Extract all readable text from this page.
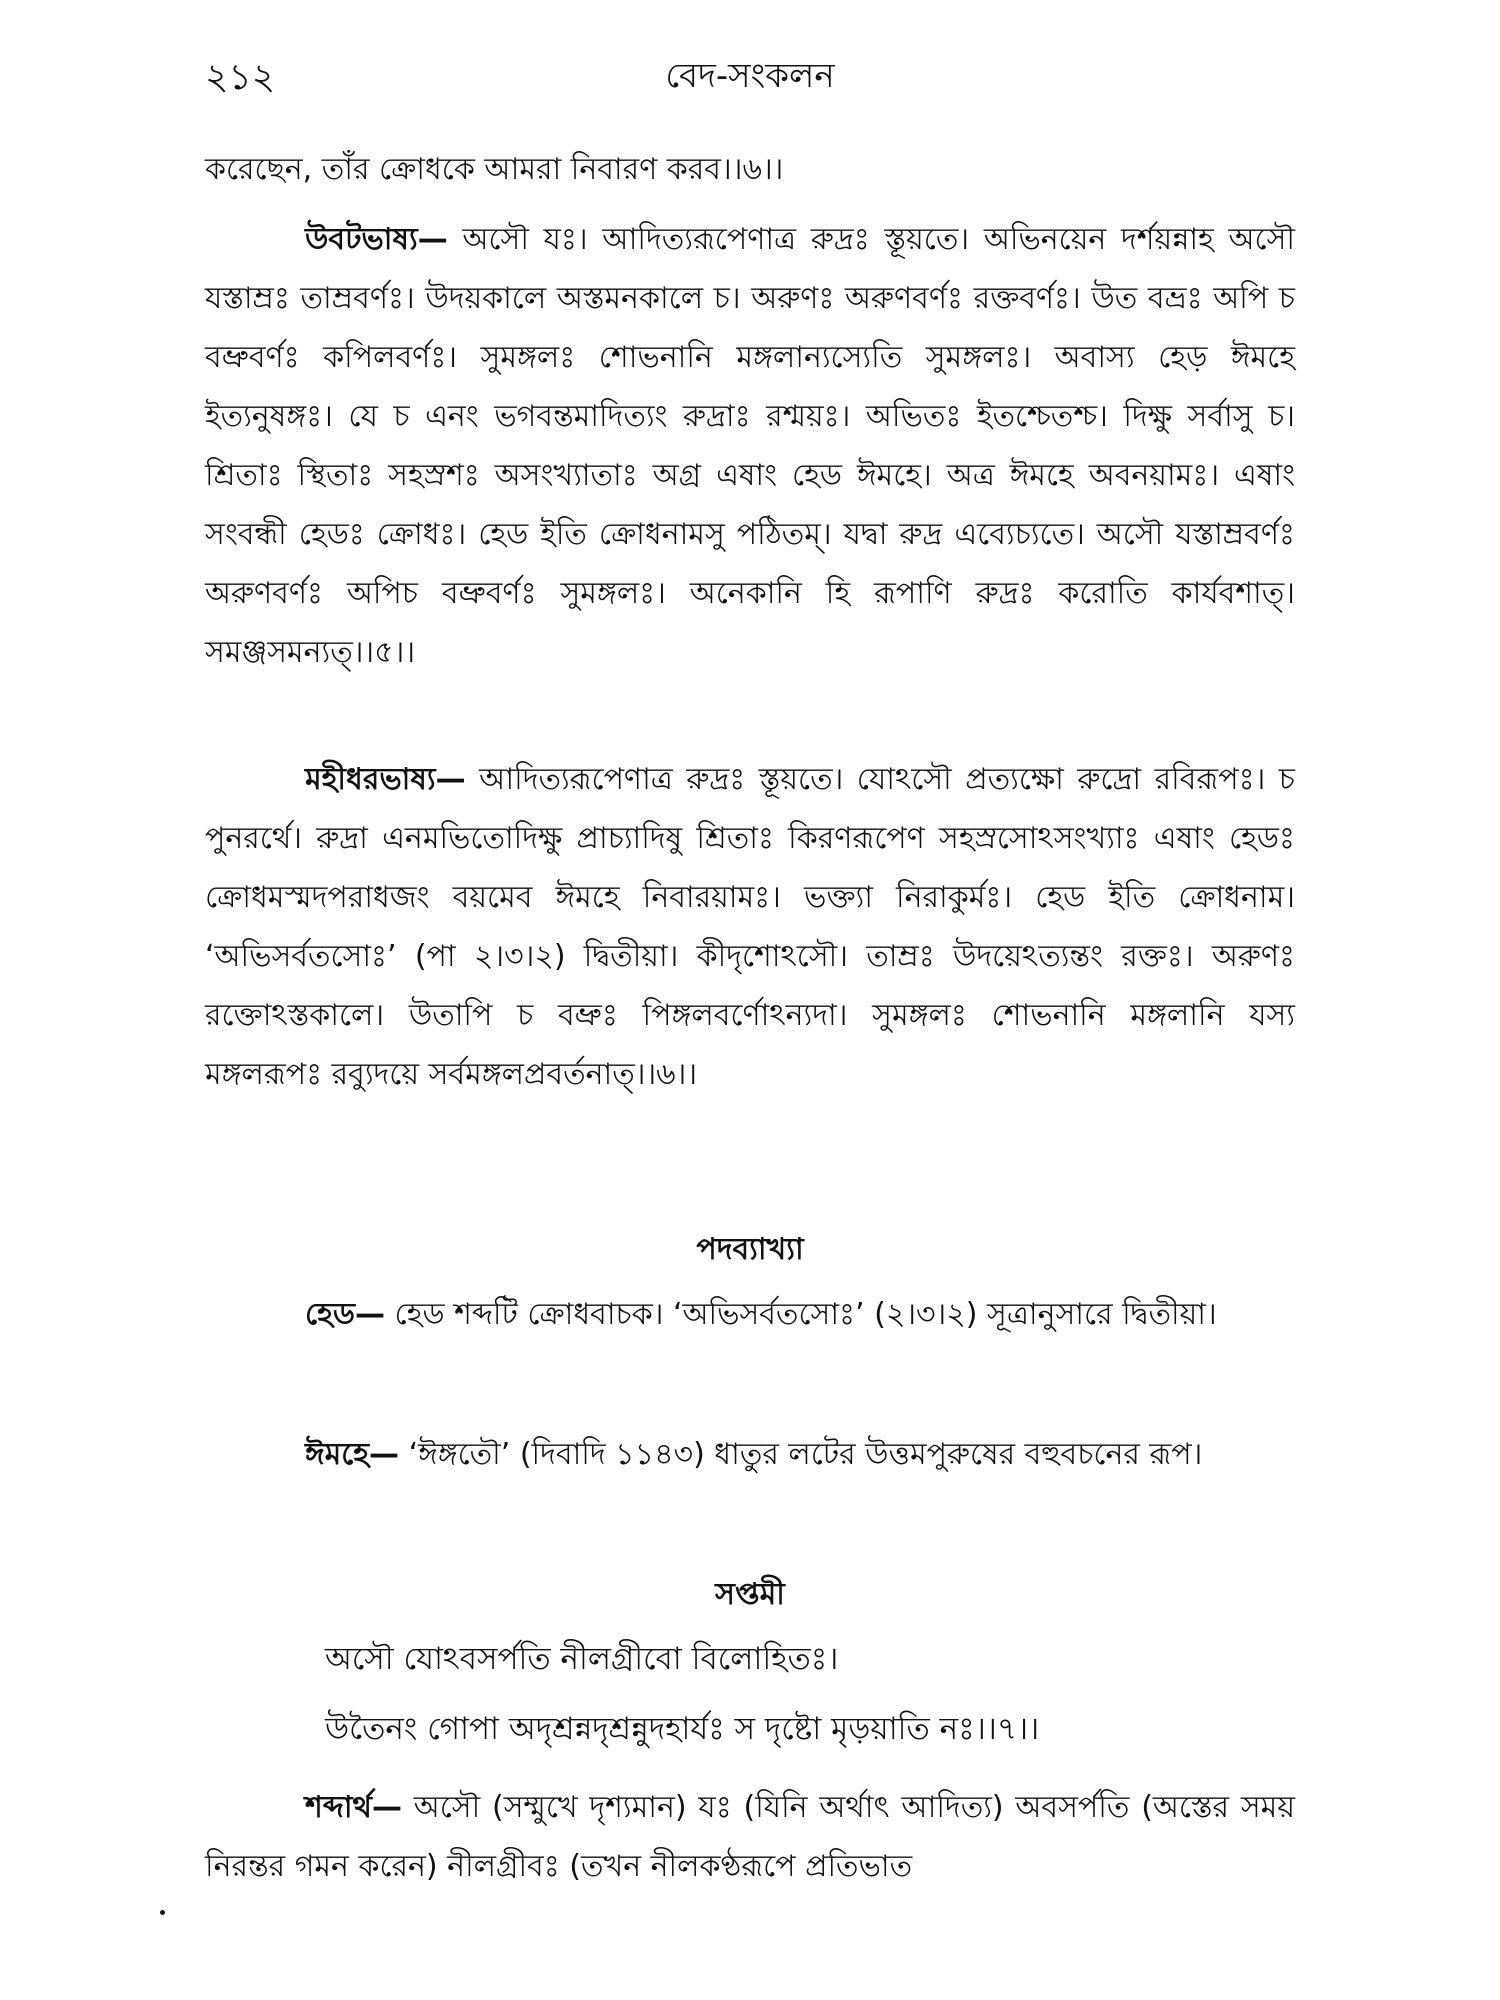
২১২	বেদ-সংকলন

করেছেন, তাঁর ক্রোধকে আমরা নিবারণ করব।।৬।।

উবটভাষ্য— অসৌ যঃ। আদিত্যরূপেণাত্র রুদ্রঃ স্তূয়তে। অভিনয়েন দর্শয়ন্নাহ অসৌ যস্তাম্রঃ তাম্রবর্ণঃ। উদয়কালে অস্তমনকালে চ। অরুণঃ অরুণবর্ণঃ রক্তবর্ণঃ। উত বভ্রঃ অপি চ বভ্রুবর্ণঃ কপিলবর্ণঃ। সুমঙ্গলঃ শোভনানি মঙ্গলান্যস্যেতি সুমঙ্গলঃ। অবাস্য হেড় ঈমহে ইত্যনুষঙ্গঃ। যে চ এনং ভগবন্তমাদিত্যং রুদ্রাঃ রশ্ময়ঃ। অভিতঃ ইতশ্চেতশ্চ। দিক্ষু সর্বাসু চ। শ্রিতাঃ স্থিতাঃ সহস্রশঃ অসংখ্যাতাঃ অগ্র এষাং হেড ঈমহে। অত্র ঈমহে অবনয়ামঃ। এষাং সংবন্ধী হেডঃ ক্রোধঃ। হেড ইতি ক্রোধনামসু পঠিতম্। যদ্বা রুদ্র এব্যেচ্যতে। অসৌ যস্তাম্রবর্ণঃ অরুণবর্ণঃ অপিচ বভ্রুবর্ণঃ সুমঙ্গলঃ। অনেকানি হি রূপাণি রুদ্রঃ করোতি কার্যবশাত্। সমঞ্জসমন্যত্।।৫।।

মহীধরভাষ্য— আদিত্যরূপেণাত্র রুদ্রঃ স্তূয়তে। যোঽসৌ প্রত্যক্ষো রুদ্রো রবিরূপঃ। চ পুনরর্থে। রুদ্রা এনমভিতোদিক্ষু প্রাচ্যাদিষু শ্রিতাঃ কিরণরূপেণ সহস্রসোঽসংখ্যাঃ এষাং হেডঃ ক্রোধমস্মদপরাধজং বয়মেব ঈমহে নিবারয়ামঃ। ভক্ত্যা নিরাকুর্মঃ। হেড ইতি ক্রোধনাম। ‘অভিসর্বতসোঃ’ (পা ২।৩।২) দ্বিতীয়া। কীদৃশোঽসৌ। তাম্রঃ উদয়েঽত্যন্তং রক্তঃ। অরুণঃ রক্তোঽস্তকালে। উতাপি চ বভ্রুঃ পিঙ্গলবর্ণোঽন্যদা। সুমঙ্গলঃ শোভনানি মঙ্গলানি যস্য মঙ্গলরূপঃ রব্যুদয়ে সর্বমঙ্গলপ্রবর্তনাত্।।৬।।

পদব্যাখ্যা

হেড— হেড শব্দটি ক্রোধবাচক। ‘অভিসর্বতসোঃ’ (২।৩।২) সূত্রানুসারে দ্বিতীয়া।

ঈমহে— ‘ঈঙ্গতৌ’ (দিবাদি ১১৪৩) ধাতুর লটের উত্তমপুরুষের বহুবচনের রূপ।

সপ্তমী

অসৌ যোঽবসর্পতি নীলগ্রীবো বিলোহিতঃ।

উতৈনং গোপা অদৃশ্রন্নদৃশ্রন্নুদহার্যঃ স দৃষ্টো মৃড়য়াতি নঃ।।৭।।

শব্দার্থ— অসৌ (সম্মুখে দৃশ্যমান) যঃ (যিনি অর্থাৎ আদিত্য) অবসর্পতি (অস্তের সময় নিরন্তর গমন করেন) নীলগ্রীবঃ (তখন নীলকণ্ঠরূপে প্রতিভাত
